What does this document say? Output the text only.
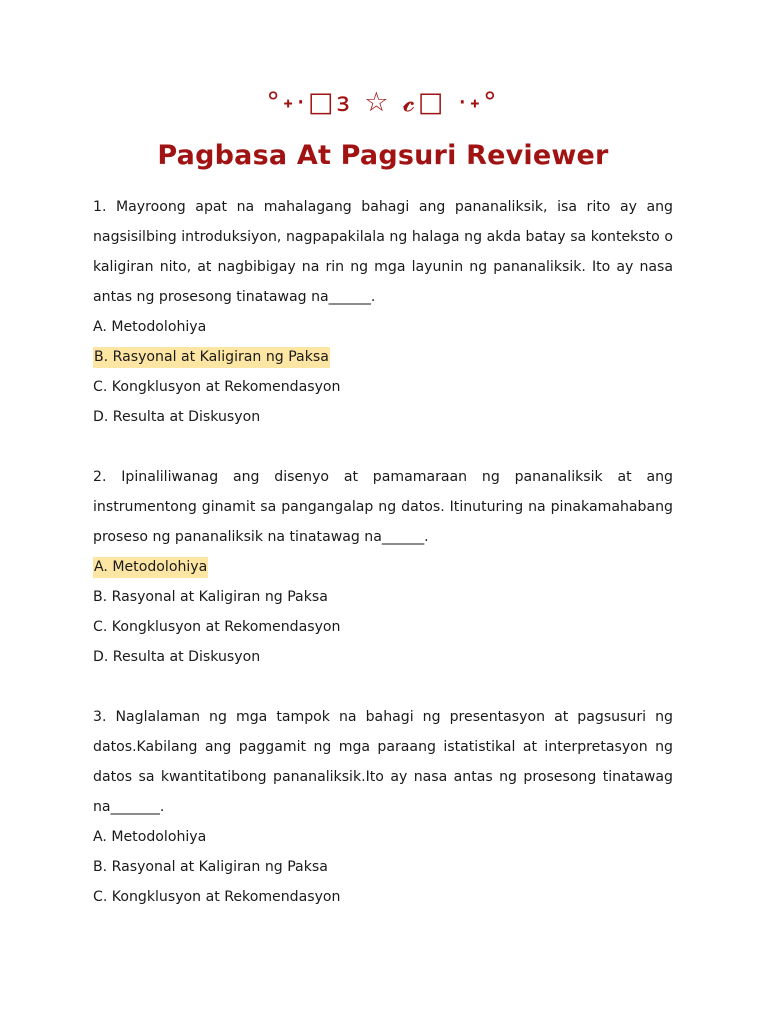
°˖·□𐑂 ☆ 𝓬□ ·˖°
Pagbasa At Pagsuri Reviewer

1. Mayroong apat na mahalagang bahagi ang pananaliksik, isa rito ay ang nagsisilbing introduksiyon, nagpapakilala ng halaga ng akda batay sa konteksto o kaligiran nito, at nagbibigay na rin ng mga layunin ng pananaliksik. Ito ay nasa antas ng prosesong tinatawag na______.

A. Metodolohiya
B. Rasyonal at Kaligiran ng Paksa
C. Kongklusyon at Rekomendasyon
D. Resulta at Diskusyon

2. Ipinaliliwanag ang disenyo at pamamaraan ng pananaliksik at ang instrumentong ginamit sa pangangalap ng datos. Itinuturing na pinakamahabang proseso ng pananaliksik na tinatawag na______.

A. Metodolohiya
B. Rasyonal at Kaligiran ng Paksa
C. Kongklusyon at Rekomendasyon
D. Resulta at Diskusyon

3. Naglalaman ng mga tampok na bahagi ng presentasyon at pagsusuri ng datos.Kabilang ang paggamit ng mga paraang istatistikal at interpretasyon ng datos sa kwantitatibong pananaliksik.Ito ay nasa antas ng prosesong tinatawag na_______.

A. Metodolohiya
B. Rasyonal at Kaligiran ng Paksa
C. Kongklusyon at Rekomendasyon
